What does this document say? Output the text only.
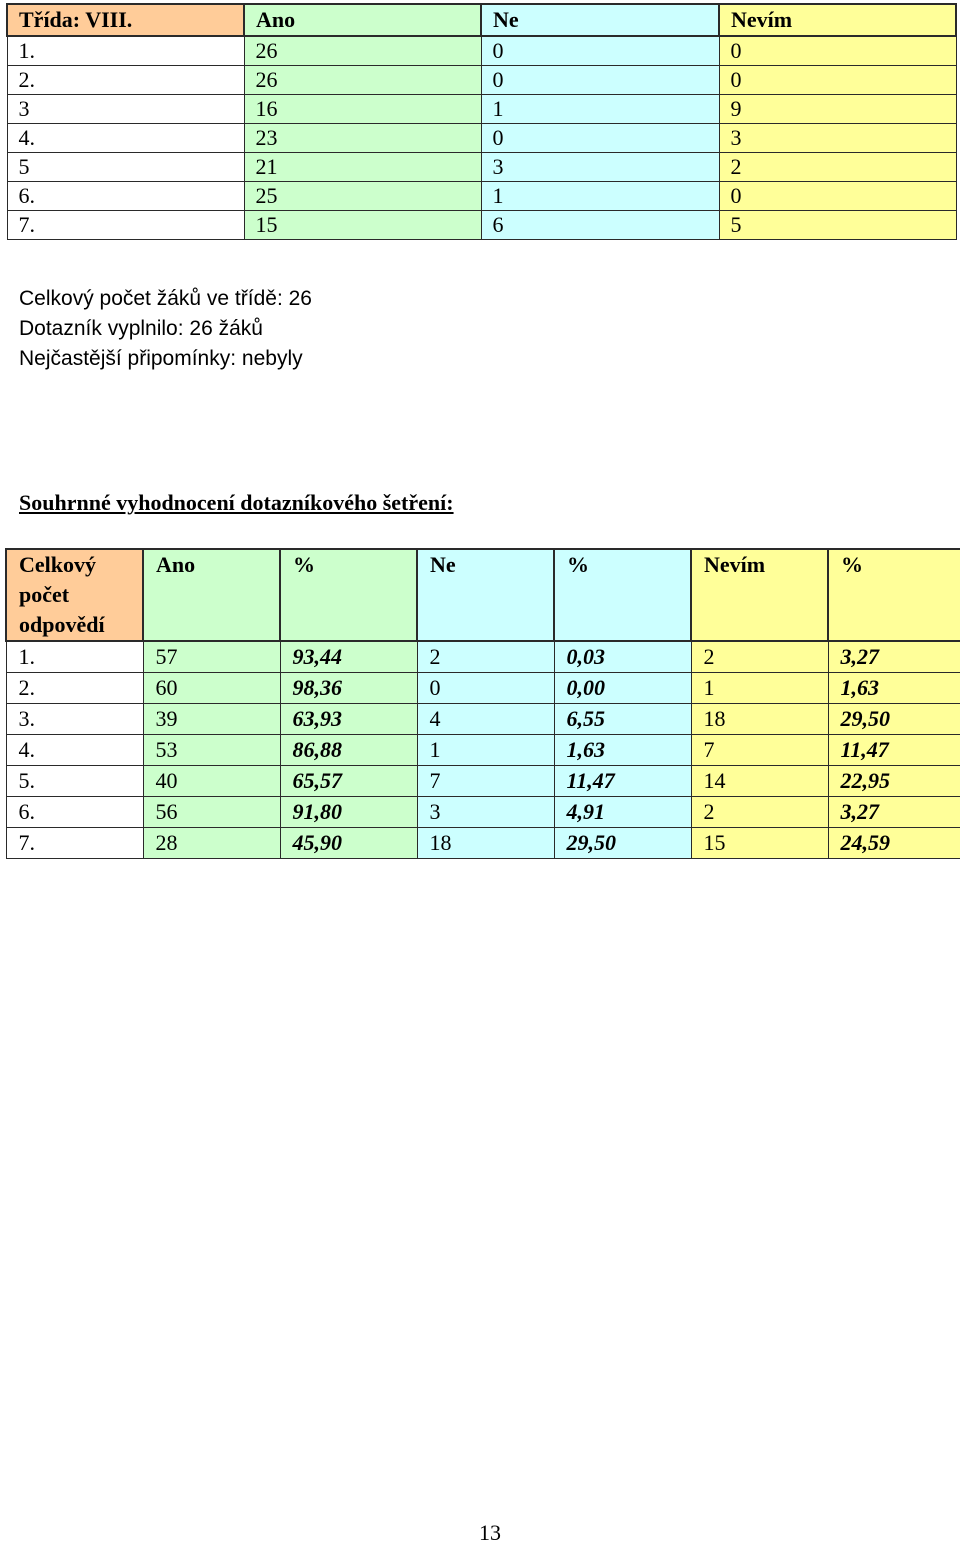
Třída: VIII.	Ano	Ne	Nevím
1.	26	0	0
2.	26	0	0
3	16	1	9
4.	23	0	3
5	21	3	2
6.	25	1	0
7.	15	6	5
Celkový počet žáků ve třídě: 26
Dotazník vyplnilo: 26 žáků
Nejčastější připomínky: nebyly
Souhrnné vyhodnocení dotazníkového šetření:
Celkový počet odpovědí	Ano	%	Ne	%	Nevím	%
1.	57	93,44	2	0,03	2	3,27
2.	60	98,36	0	0,00	1	1,63
3.	39	63,93	4	6,55	18	29,50
4.	53	86,88	1	1,63	7	11,47
5.	40	65,57	7	11,47	14	22,95
6.	56	91,80	3	4,91	2	3,27
7.	28	45,90	18	29,50	15	24,59
13
